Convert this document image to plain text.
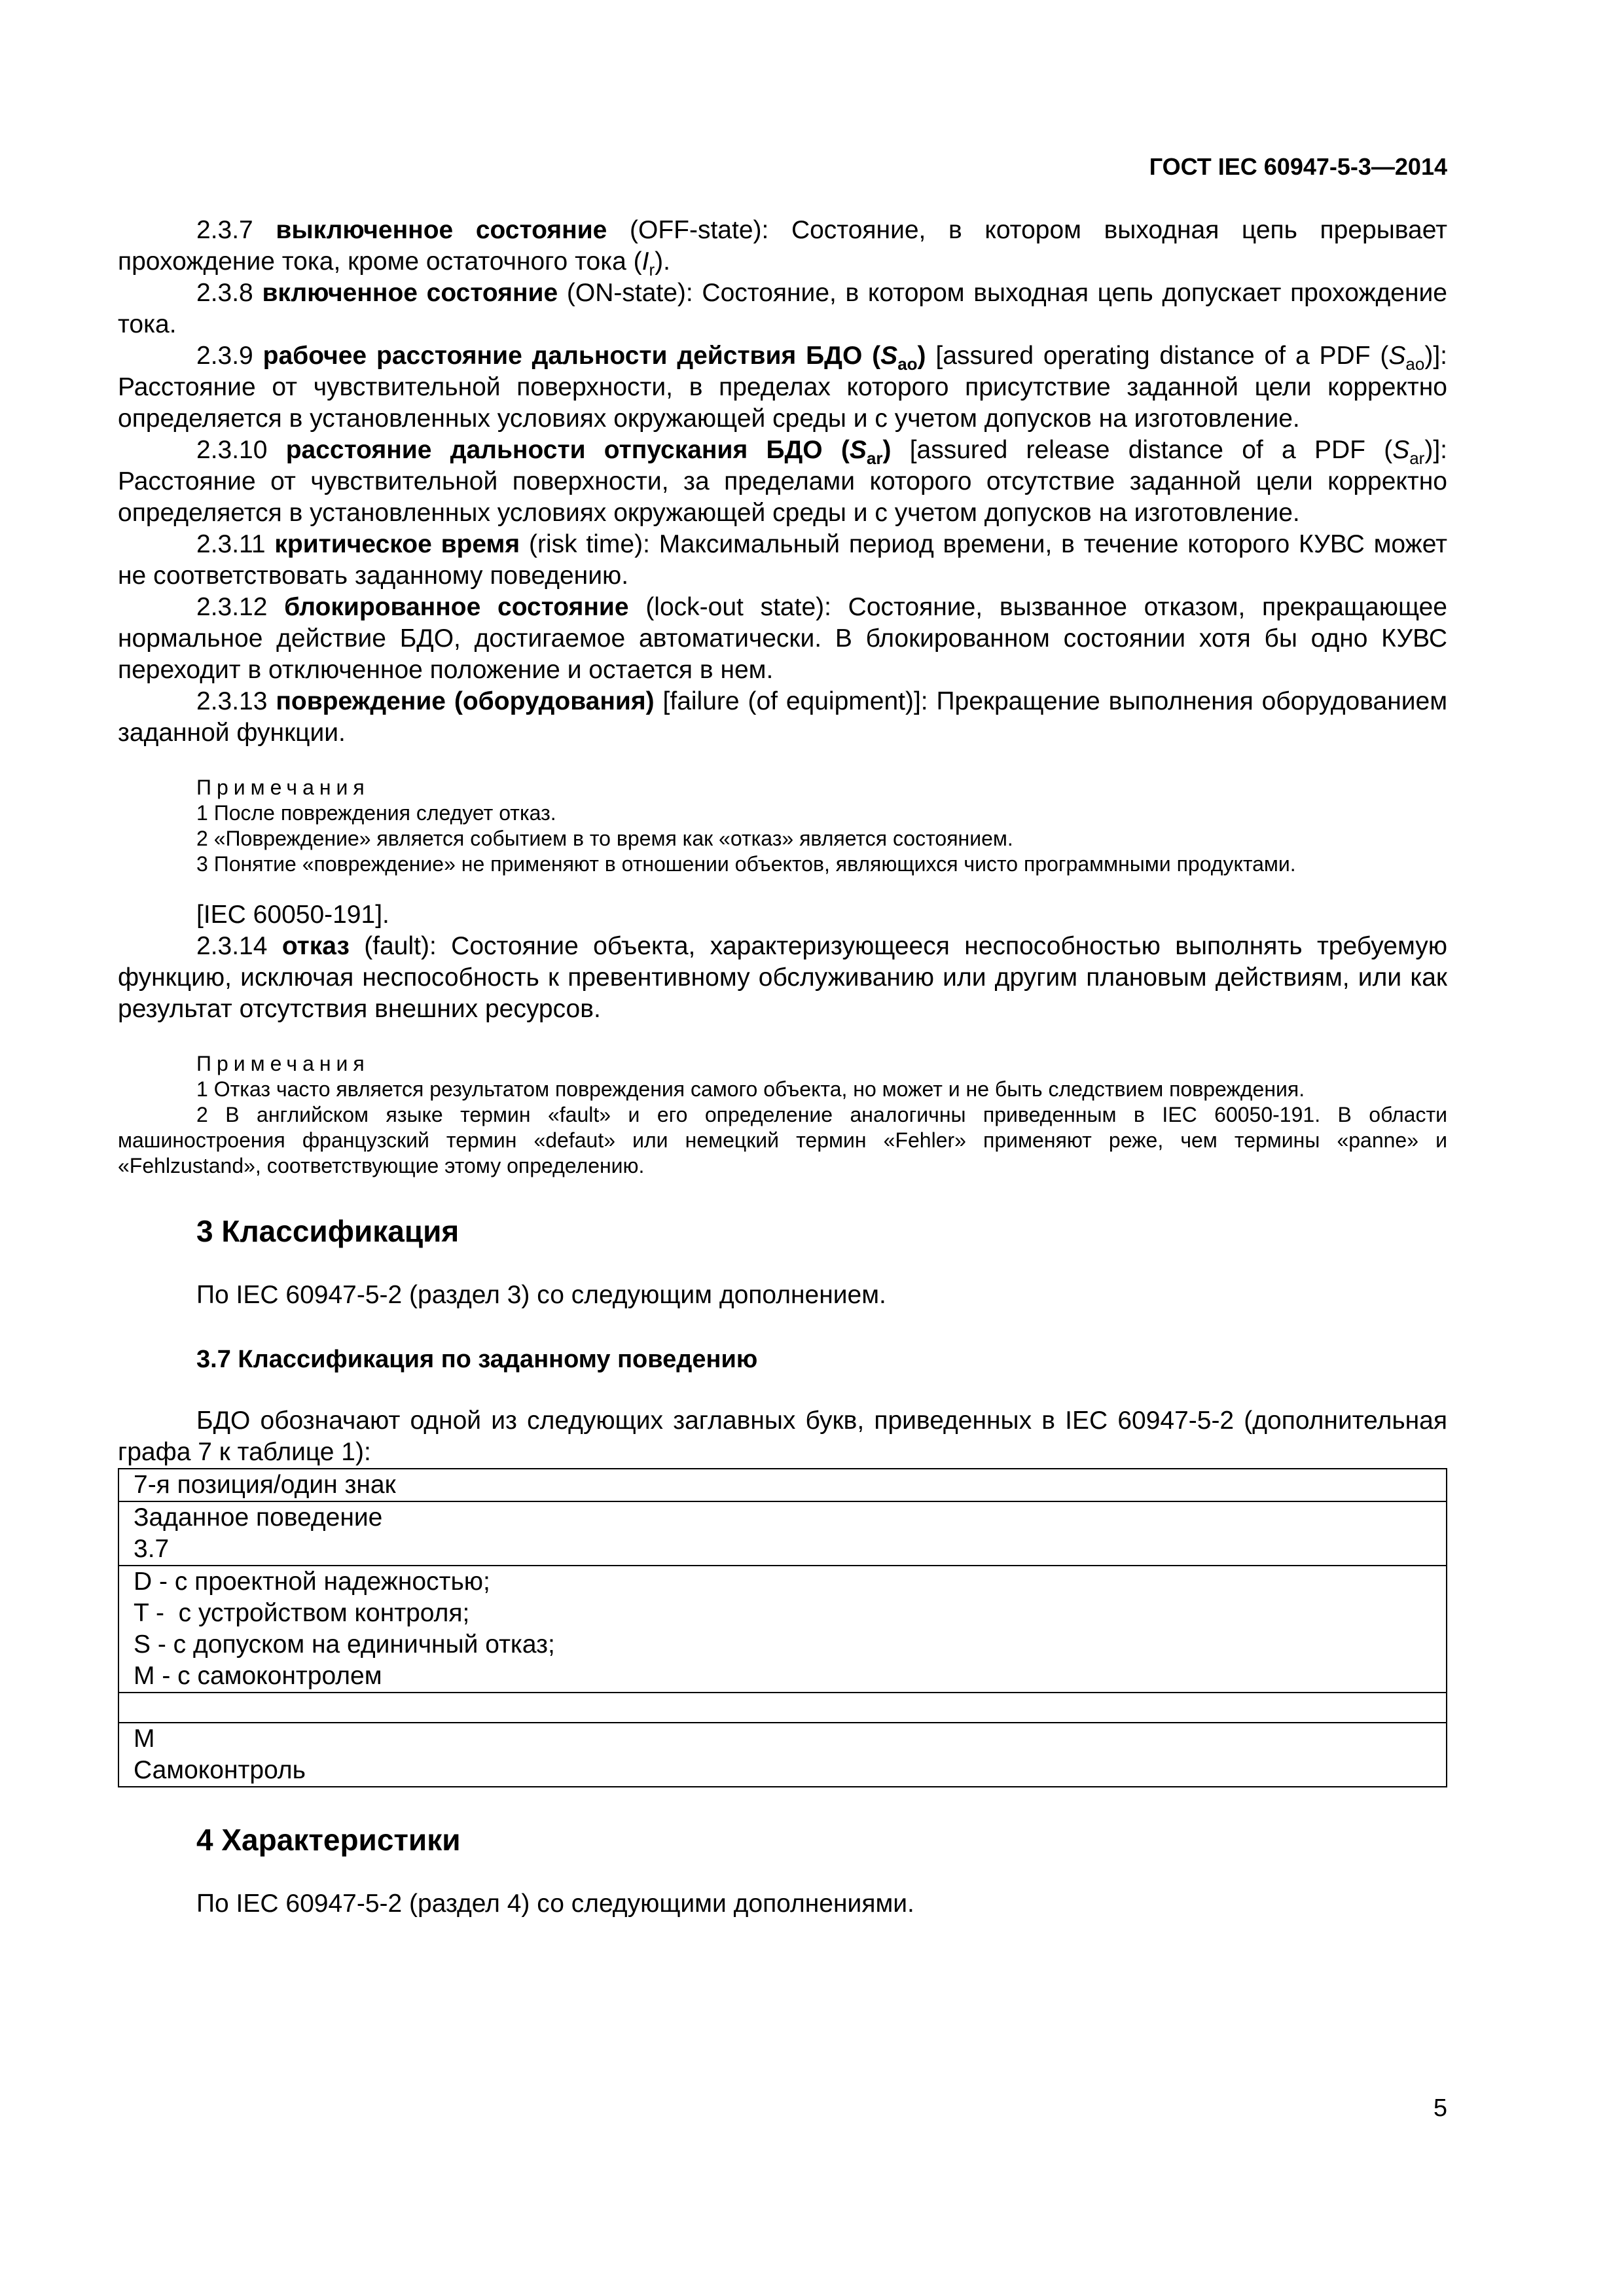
ГОСТ IEC 60947-5-3—2014

2.3.7 выключенное состояние (OFF-state): Состояние, в котором выходная цепь прерывает прохождение тока, кроме остаточного тока $(I_r)$.

2.3.8 включенное состояние (ON-state): Состояние, в котором выходная цепь допускает прохождение тока.

2.3.9 рабочее расстояние дальности действия БДО $(S_{ao})$ [assured operating distance of a PDF $(S_{ao})$]: Расстояние от чувствительной поверхности, в пределах которого присутствие заданной цели корректно определяется в установленных условиях окружающей среды и с учетом допусков на изготовление.

2.3.10 расстояние дальности отпускания БДО $(S_{ar})$ [assured release distance of a PDF $(S_{ar})$]: Расстояние от чувствительной поверхности, за пределами которого отсутствие заданной цели корректно определяется в установленных условиях окружающей среды и с учетом допусков на изготовление.

2.3.11 критическое время (risk time): Максимальный период времени, в течение которого КУВС может не соответствовать заданному поведению.

2.3.12 блокированное состояние (lock-out state): Состояние, вызванное отказом, прекращающее нормальное действие БДО, достигаемое автоматически. В блокированном состоянии хотя бы одно КУВС переходит в отключенное положение и остается в нем.

2.3.13 повреждение (оборудования) [failure (of equipment)]: Прекращение выполнения оборудованием заданной функции.

Примечания

1 После повреждения следует отказ.

2 «Повреждение» является событием в то время как «отказ» является состоянием.

3 Понятие «повреждение» не применяют в отношении объектов, являющихся чисто программными продуктами.

[IEC 60050-191].

2.3.14 отказ (fault): Состояние объекта, характеризующееся неспособностью выполнять требуемую функцию, исключая неспособность к превентивному обслуживанию или другим плановым действиям, или как результат отсутствия внешних ресурсов.

Примечания

1 Отказ часто является результатом повреждения самого объекта, но может и не быть следствием повреждения.

2 В английском языке термин «fault» и его определение аналогичны приведенным в IEC 60050-191. В области машиностроения французский термин «defaut» или немецкий термин «Fehler» применяют реже, чем термины «panne» и «Fehlzustand», соответствующие этому определению.

3 Классификация

По IEC 60947-5-2 (раздел 3) со следующим дополнением.

3.7 Классификация по заданному поведению

БДО обозначают одной из следующих заглавных букв, приведенных в IEC 60947-5-2 (дополнительная графа 7 к таблице 1):

7-я позиция/один знак

Заданное поведение
3.7

D - с проектной надежностью;
T -  с устройством контроля;
S - с допуском на единичный отказ;
M - с самоконтролем

M
Самоконтроль
4 Характеристики

По IEC 60947-5-2 (раздел 4) со следующими дополнениями.

5
